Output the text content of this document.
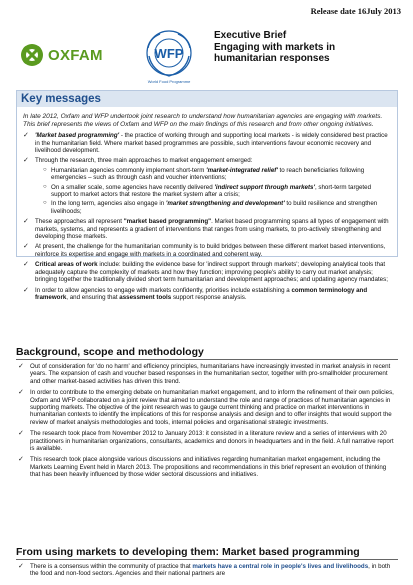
Release date 16July 2013
OXFAM	WFP
World Food Programme
Executive Brief
Engaging with markets in
humanitarian responses
Key messages

In late 2012, Oxfam and WFP undertook joint research to understand how humanitarian agencies are engaging with markets. This brief represents the views of Oxfam and WFP on the main findings of this research and from other ongoing initiatives.

✓ 'Market based programming' - the practice of working through and supporting local markets - is widely considered best practice in the humanitarian field. Where market based programmes are possible, such interventions favour economic recovery and livelihood development.
✓ Through the research, three main approaches to market engagement emerged:
○ Humanitarian agencies commonly implement short-term 'market-integrated relief' to reach beneficiaries following emergencies – such as through cash and voucher interventions;
○ On a smaller scale, some agencies have recently delivered 'indirect support through markets', short-term targeted support to market actors that restore the market system after a crisis;
○ In the long term, agencies also engage in 'market strengthening and development' to build resilience and strengthen livelihoods;
✓ These approaches all represent "market based programming". Market based programming spans all types of engagement with markets, systems, and represents a gradient of interventions that ranges from using markets, to pro-actively strengthening and developing those markets.
✓ At present, the challenge for the humanitarian community is to build bridges between these different market based interventions, reinforce its expertise and engage with markets in a coordinated and coherent way.
✓ Critical areas of work include: building the evidence base for 'indirect support through markets'; developing analytical tools that adequately capture the complexity of markets and how they function; improving people's ability to carry out market analysis; bringing together the traditionally divided short term humanitarian and development approaches; and updating agency mandates;
✓ In order to allow agencies to engage with markets confidently, priorities include establishing a common terminology and framework, and ensuring that assessment tools support response analysis.
Background, scope and methodology
✓ Out of consideration for 'do no harm' and efficiency principles, humanitarians have increasingly invested in market analysis in recent years. The expansion of cash and voucher based responses in the humanitarian sector, together with pro-smallholder procurement and other market-based activities has driven this trend.
✓ In order to contribute to the emerging debate on humanitarian market engagement, and to inform the refinement of their own policies, Oxfam and WFP collaborated on a joint review that aimed to understand the role and range of practices of humanitarian agencies in supporting markets. The objective of the joint research was to gauge current thinking and practice on market interventions in humanitarian contexts to identify the implications of this for response analysis and design and to offer insights that would support the review of market analysis methodologies and tools, internal policies and organisational strategic investments.
✓ The research took place from November 2012 to January 2013: it consisted in a literature review and a series of interviews with 20 practitioners in humanitarian organizations, consultants, academics and donors in headquarters and in the field. A full narrative report is available.
✓ This research took place alongside various discussions and initiatives regarding humanitarian market engagement, including the Markets Learning Event held in March 2013. The propositions and recommendations in this brief represent an evolution of thinking that has been heavily influenced by those wider sectoral discussions and initiatives.
From using markets to developing them: Market based programming
✓ There is a consensus within the community of practice that markets have a central role in people's lives and livelihoods, in both the food and non-food sectors. Agencies and their national partners are
